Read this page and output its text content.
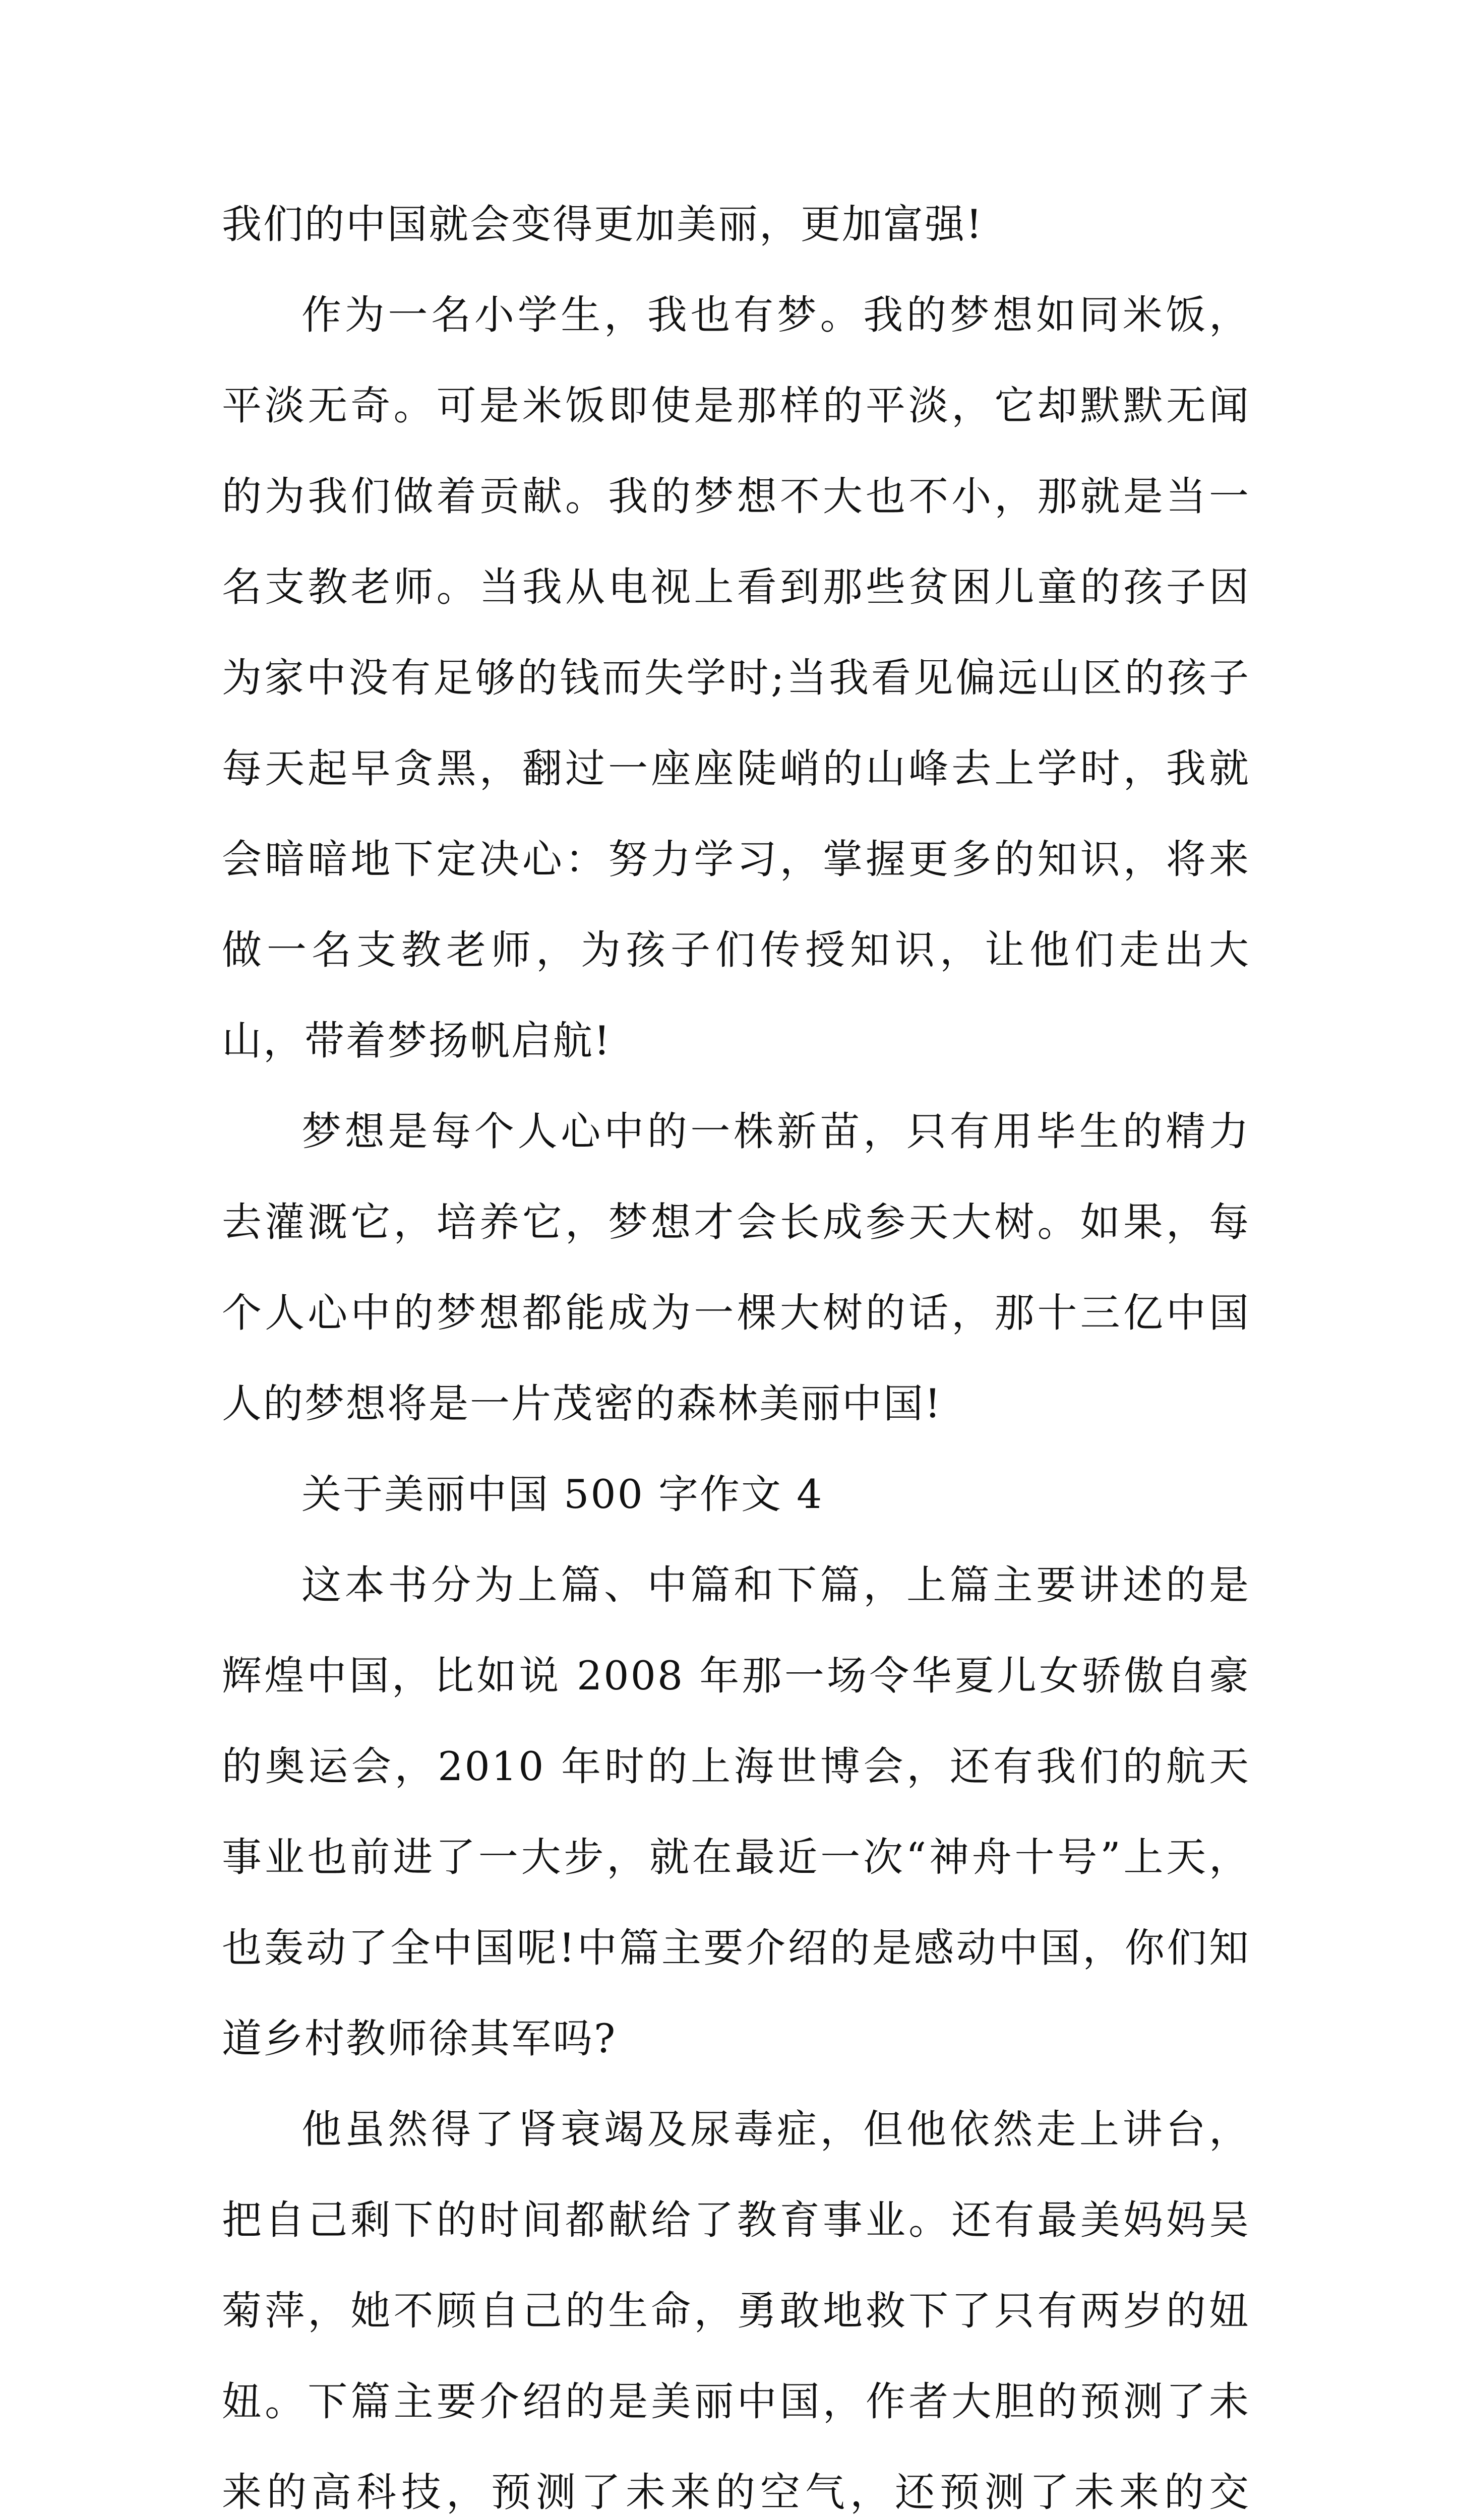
我们的中国就会变得更加美丽，更加富强!

作为一名小学生，我也有梦。我的梦想如同米饭，平淡无奇。可是米饭即使是那样的平淡，它却默默无闻的为我们做着贡献。我的梦想不大也不小，那就是当一名支教老师。当我从电视上看到那些贫困儿童的孩子因为家中没有足够的钱而失学时;当我看见偏远山区的孩子每天起早贪黑，翻过一座座陡峭的山峰去上学时，我就会暗暗地下定决心：努力学习，掌握更多的知识，将来做一名支教老师，为孩子们传授知识，让他们走出大山，带着梦扬帆启航!

梦想是每个人心中的一株新苗，只有用毕生的精力去灌溉它，培养它，梦想才会长成参天大树。如果，每个人心中的梦想都能成为一棵大树的话，那十三亿中国人的梦想将是一片茂密的森林美丽中国!

关于美丽中国 500 字作文 4

这本书分为上篇、中篇和下篇，上篇主要讲述的是辉煌中国，比如说 2008 年那一场令华夏儿女骄傲自豪的奥运会，2010 年时的上海世博会，还有我们的航天事业也前进了一大步，就在最近一次“神舟十号”上天，也轰动了全中国呢!中篇主要介绍的是感动中国，你们知道乡村教师徐其军吗?

他虽然得了肾衰竭及尿毒症，但他依然走上讲台，把自己剩下的时间都献给了教育事业。还有最美妈妈吴菊萍，她不顾自己的生命，勇敢地救下了只有两岁的妞妞。下篇主要介绍的是美丽中国，作者大胆的预测了未来的高科技，预测了未来的空气，还预测了未来的交
